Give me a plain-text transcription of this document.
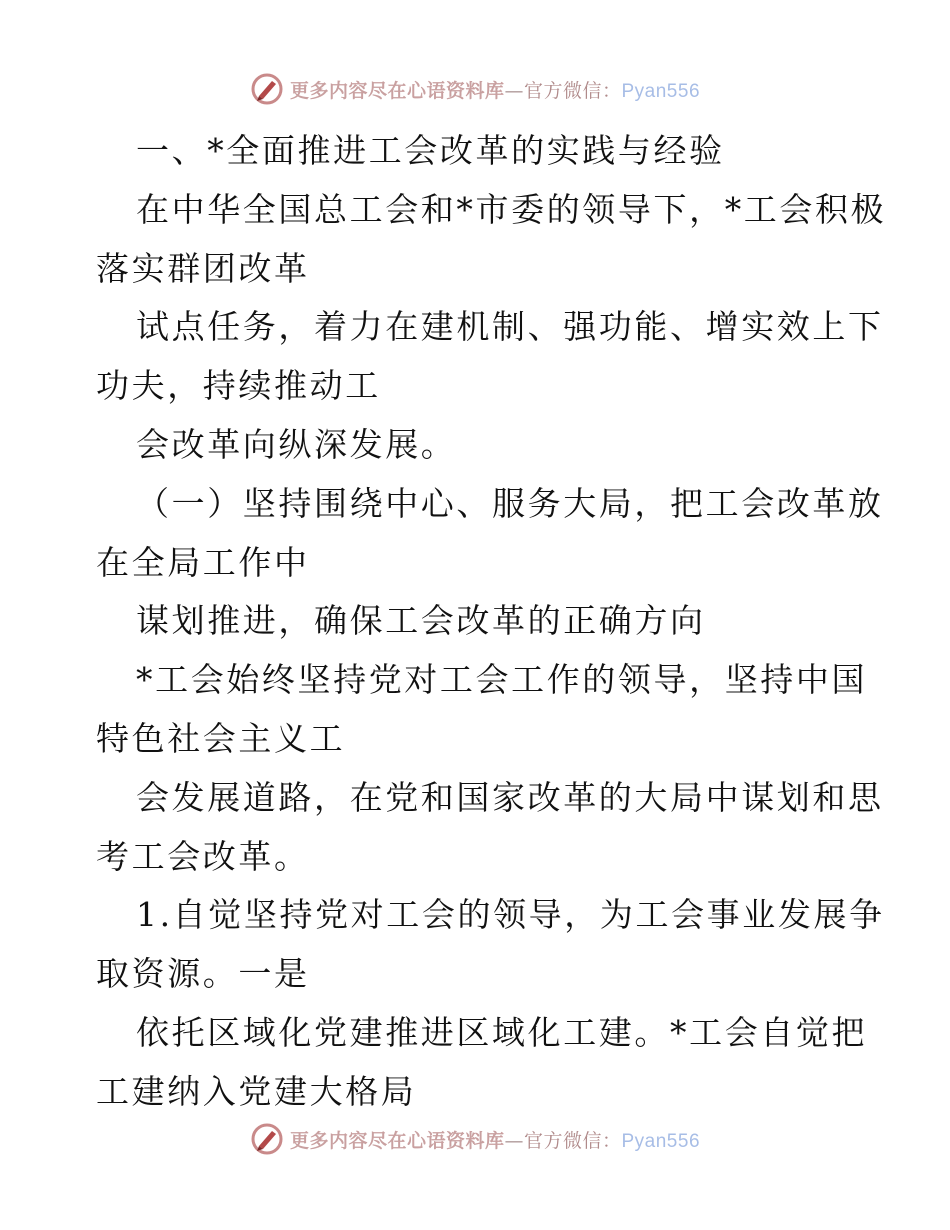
更多内容尽在心语资料库—官方微信：Pyan556
一、*全面推进工会改革的实践与经验
在中华全国总工会和*市委的领导下，*工会积极
落实群团改革
试点任务，着力在建机制、强功能、增实效上下
功夫，持续推动工
会改革向纵深发展。
（一）坚持围绕中心、服务大局，把工会改革放
在全局工作中
谋划推进，确保工会改革的正确方向
*工会始终坚持党对工会工作的领导，坚持中国
特色社会主义工
会发展道路，在党和国家改革的大局中谋划和思
考工会改革。
1.自觉坚持党对工会的领导，为工会事业发展争
取资源。一是
依托区域化党建推进区域化工建。*工会自觉把
工建纳入党建大格局
更多内容尽在心语资料库—官方微信：Pyan556
